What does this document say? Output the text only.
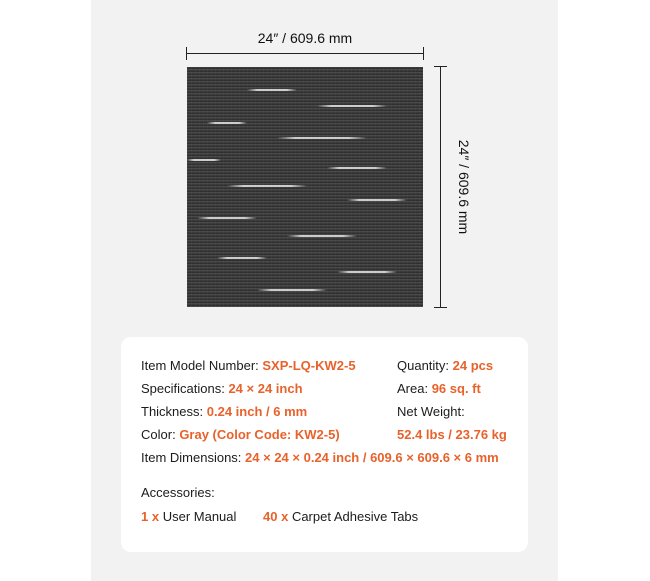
24″ / 609.6 mm
24″ / 609.6 mm
Item Model Number: SXP-LQ-KW2-5	Quantity: 24 pcs
Specifications: 24 × 24 inch	Area: 96 sq. ft
Thickness: 0.24 inch / 6 mm	Net Weight:
Color: Gray (Color Code: KW2-5)	52.4 lbs / 23.76 kg
Item Dimensions: 24 × 24 × 0.24 inch / 609.6 × 609.6 × 6 mm
Accessories:
1 x User Manual 40 x Carpet Adhesive Tabs
